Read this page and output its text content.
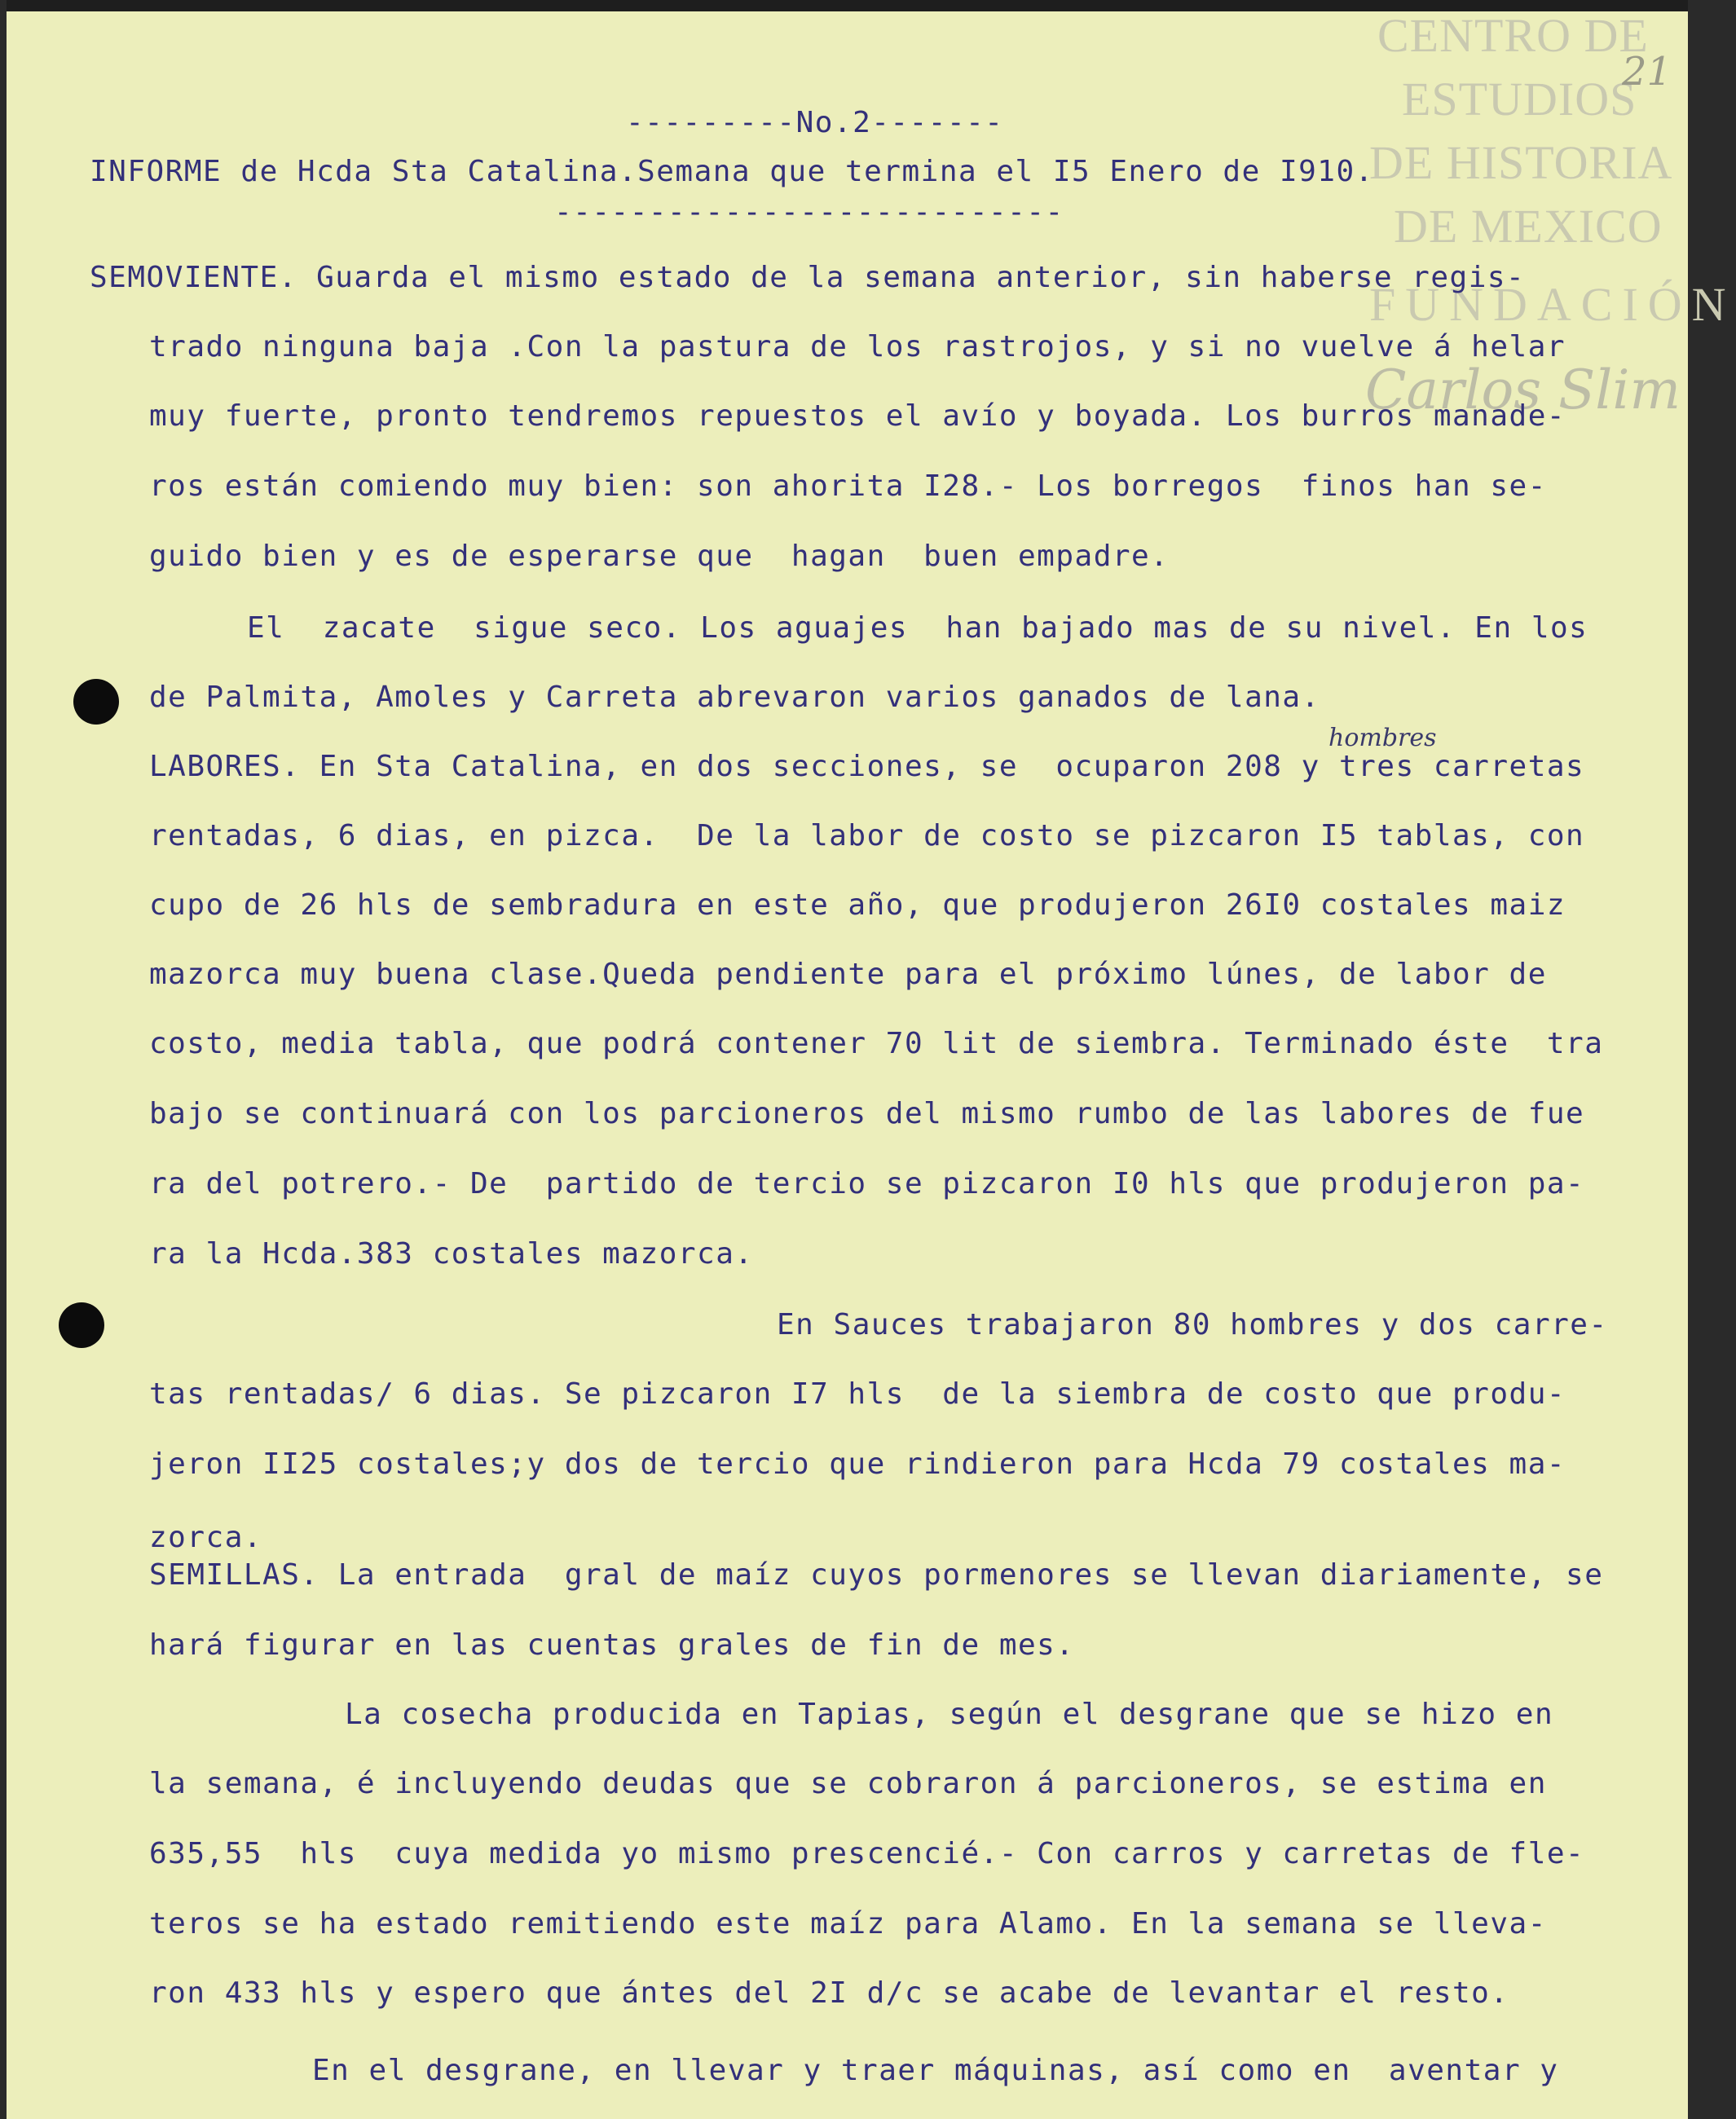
CENTRO DE
ESTUDIOS
DE HISTORIA
DE MEXICO
FUNDACIÓN
Carlos Slim
21
---------No.2-------
INFORME de Hcda Sta Catalina.Semana que termina el I5 Enero de I910.
---------------------------
hombres
SEMOVIENTE. Guarda el mismo estado de la semana anterior, sin haberse regis-
trado ninguna baja .Con la pastura de los rastrojos, y si no vuelve á helar
muy fuerte, pronto tendremos repuestos el avío y boyada. Los burros manade-
ros están comiendo muy bien: son ahorita I28.- Los borregos  finos han se-
guido bien y es de esperarse que  hagan  buen empadre.
El  zacate  sigue seco. Los aguajes  han bajado mas de su nivel. En los
de Palmita, Amoles y Carreta abrevaron varios ganados de lana.
LABORES. En Sta Catalina, en dos secciones, se  ocuparon 208 y tres carretas
rentadas, 6 dias, en pizca.  De la labor de costo se pizcaron I5 tablas, con
cupo de 26 hls de sembradura en este año, que produjeron 26I0 costales maiz
mazorca muy buena clase.Queda pendiente para el próximo lúnes, de labor de
costo, media tabla, que podrá contener 70 lit de siembra. Terminado éste  tra
bajo se continuará con los parcioneros del mismo rumbo de las labores de fue
ra del potrero.- De  partido de tercio se pizcaron I0 hls que produjeron pa-
ra la Hcda.383 costales mazorca.
En Sauces trabajaron 80 hombres y dos carre-
tas rentadas/ 6 dias. Se pizcaron I7 hls  de la siembra de costo que produ-
jeron II25 costales;y dos de tercio que rindieron para Hcda 79 costales ma-
zorca.
SEMILLAS. La entrada  gral de maíz cuyos pormenores se llevan diariamente, se
hará figurar en las cuentas grales de fin de mes.
La cosecha producida en Tapias, según el desgrane que se hizo en
la semana, é incluyendo deudas que se cobraron á parcioneros, se estima en
635,55  hls  cuya medida yo mismo prescencié.- Con carros y carretas de fle-
teros se ha estado remitiendo este maíz para Alamo. En la semana se lleva-
ron 433 hls y espero que ántes del 2I d/c se acabe de levantar el resto.
En el desgrane, en llevar y traer máquinas, así como en  aventar y
